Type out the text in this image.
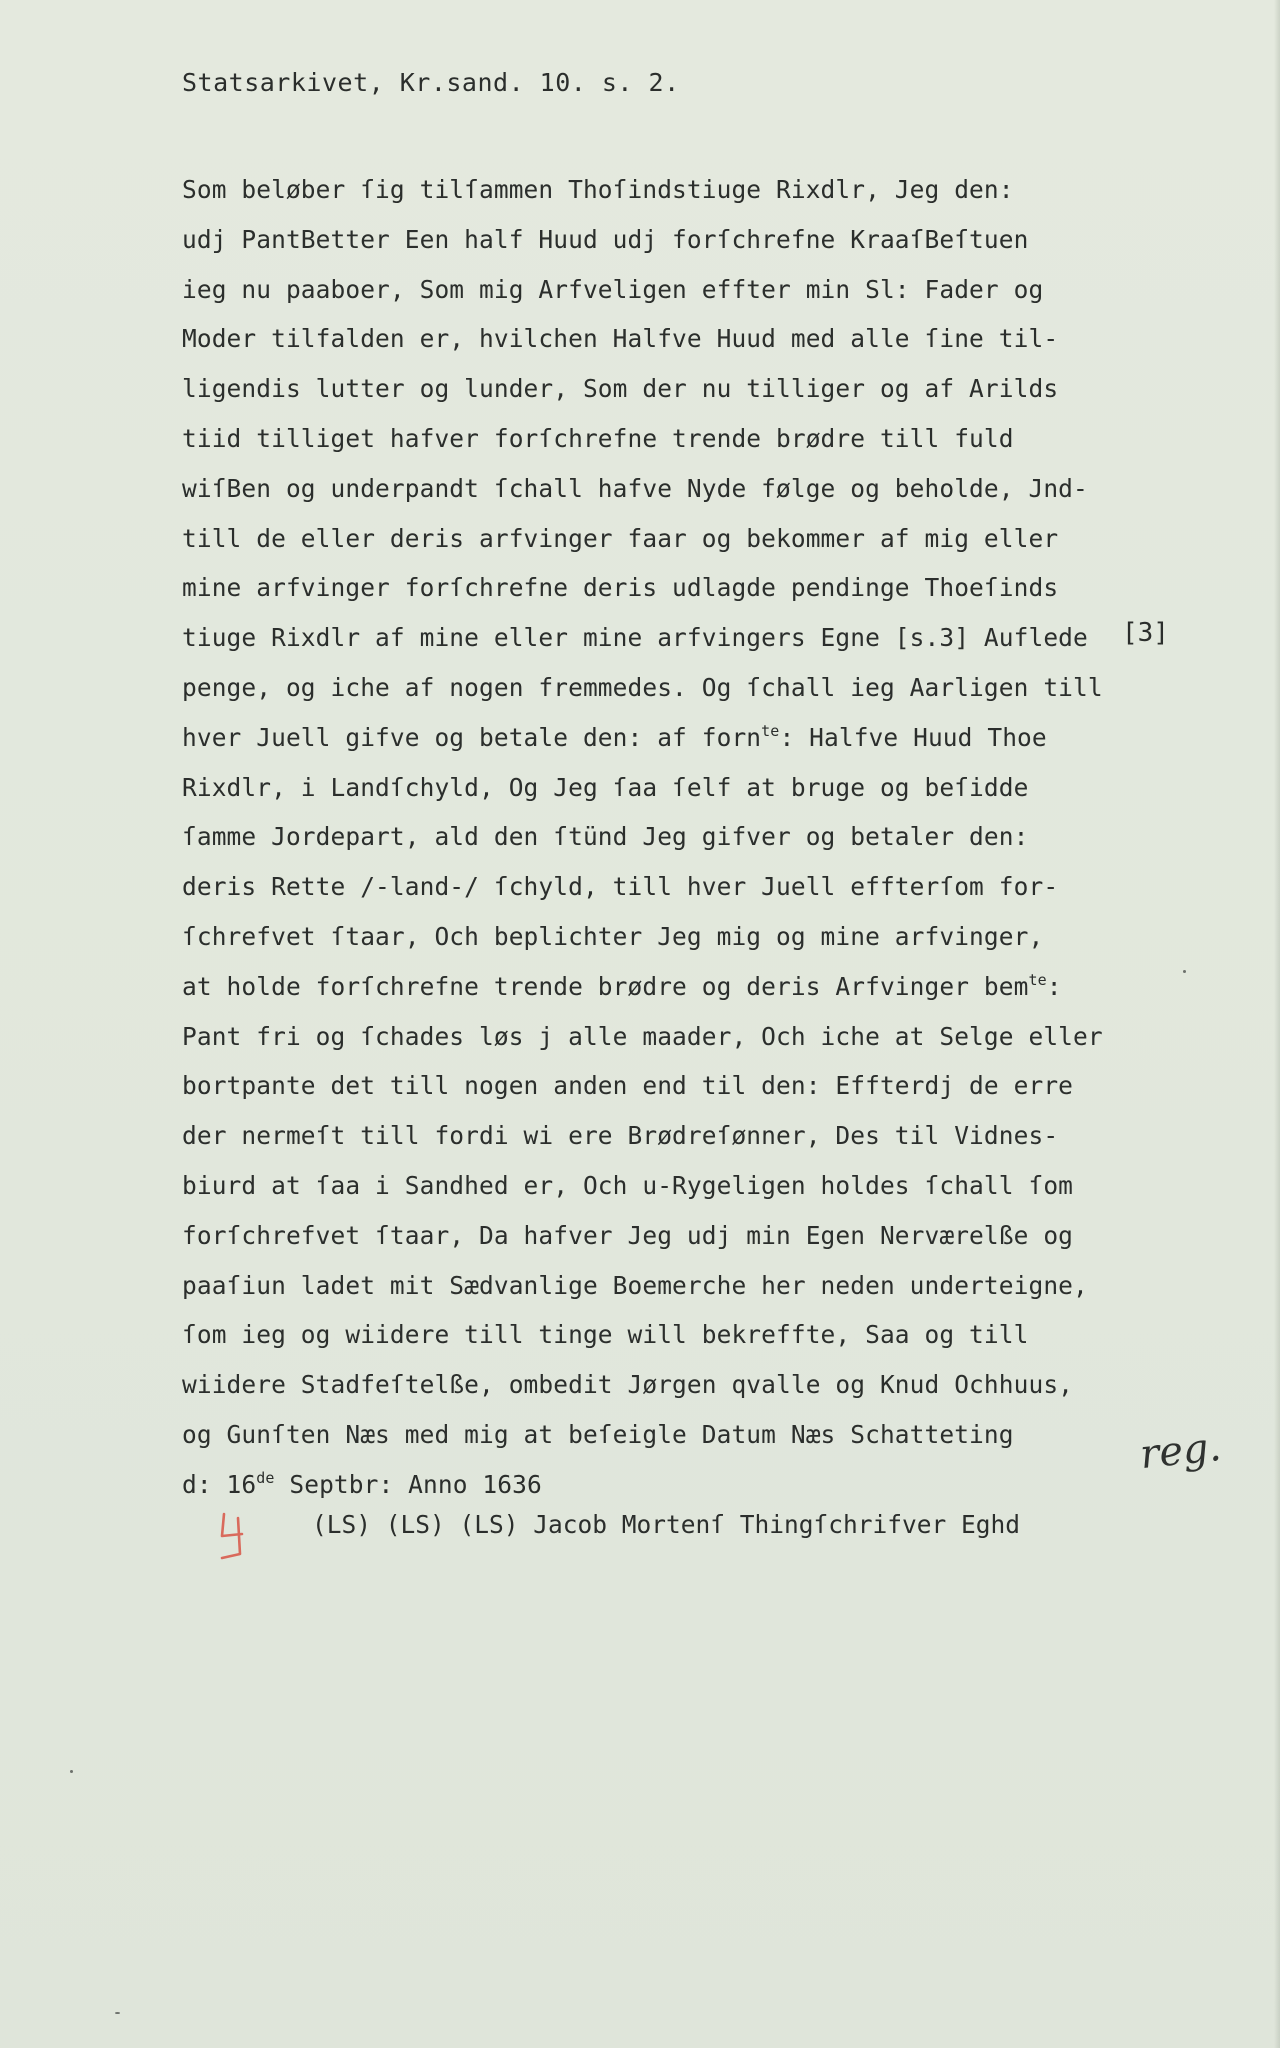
Statsarkivet, Kr.sand. 10. s. 2.
Som beløber ſig tilſammen Thoſindstiuge Rixdlr, Jeg den:
udj PantBetter Een half Huud udj forſchrefne KraaſBeſtuen
ieg nu paaboer, Som mig Arfveligen effter min Sl: Fader og
Moder tilfalden er, hvilchen Halfve Huud med alle ſine til-
ligendis lutter og lunder, Som der nu tilliger og af Arilds
tiid tilliget hafver forſchrefne trende brødre till fuld
wiſBen og underpandt ſchall hafve Nyde følge og beholde, Jnd-
till de eller deris arfvinger faar og bekommer af mig eller
mine arfvinger forſchrefne deris udlagde pendinge Thoeſinds
tiuge Rixdlr af mine eller mine arfvingers Egne [s.3] Auflede
penge, og iche af nogen fremmedes. Og ſchall ieg Aarligen till
hver Juell gifve og betale den: af forn$^{te}$: Halfve Huud Thoe
Rixdlr, i Landſchyld, Og Jeg ſaa ſelf at bruge og beſidde
ſamme Jordepart, ald den ſtünd Jeg gifver og betaler den:
deris Rette /-land-/ ſchyld, till hver Juell effterſom for-
ſchrefvet ſtaar, Och beplichter Jeg mig og mine arfvinger,
at holde forſchrefne trende brødre og deris Arfvinger bem$^{te}$:
Pant fri og ſchades løs j alle maader, Och iche at Selge eller
bortpante det till nogen anden end til den: Effterdj de erre
der nermeſt till fordi wi ere Brødreſønner, Des til Vidnes-
biurd at ſaa i Sandhed er, Och u-Rygeligen holdes ſchall ſom
forſchrefvet ſtaar, Da hafver Jeg udj min Egen Nerværelße og
paaſiun ladet mit Sædvanlige Boemerche her neden underteigne,
ſom ieg og wiidere till tinge will bekreffte, Saa og till
wiidere Stadfeſtelße, ombedit Jørgen qvalle og Knud Ochhuus,
og Gunſten Næs med mig at beſeigle Datum Næs Schatteting
d: 16de Septbr: Anno 1636
[3]
reg.
(LS) (LS) (LS) Jacob Mortenſ Thingſchrifver Eghd
